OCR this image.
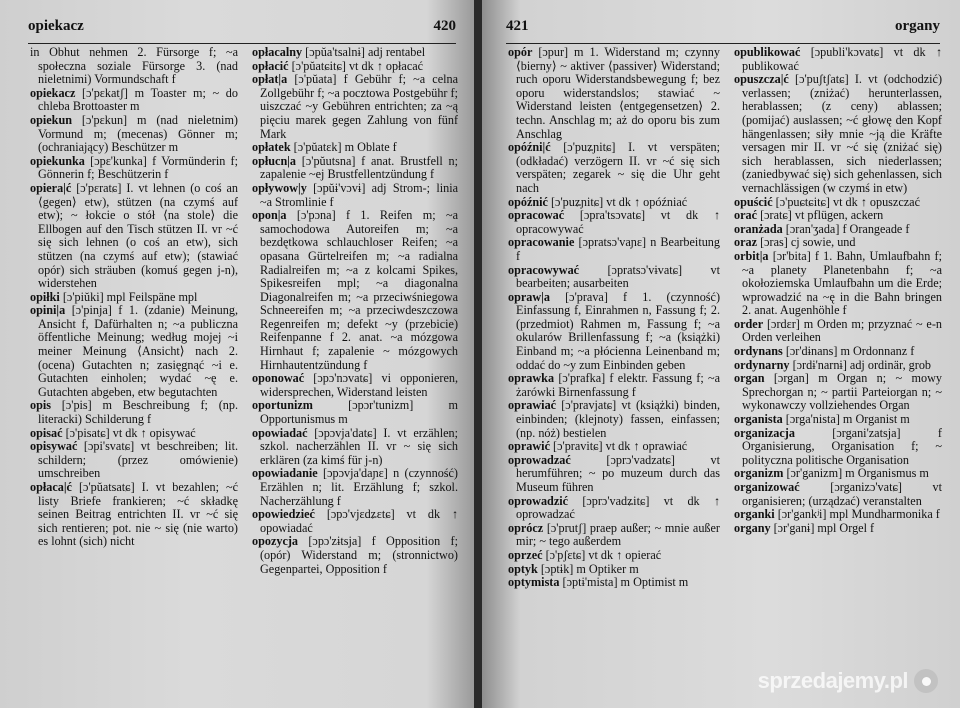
opiekacz	420
in Obhut nehmen 2. Fürsorge f; ~a społeczna soziale Fürsorge 3. (nad nieletnimi) Vormundschaft f
opiekacz [ɔ'pɛkatʃ] m Toaster m; ~ do chleba Brottoaster m
opiekun [ɔ'pɛkun] m (nad nieletnim) Vormund m; (mecenas) Gönner m; (ochraniający) Beschützer m
opiekunka [ɔpɛ'kunka] f Vormünderin f; Gönnerin f; Beschützerin f
opiera|ć [ɔ'pɛratɕ] I. vt lehnen (o coś an ⟨gegen⟩ etw), stützen (na czymś auf etw); ~ łokcie o stół ⟨na stole⟩ die Ellbogen auf den Tisch stützen II. vr ~ć się sich lehnen (o coś an etw), sich stützen (na czymś auf etw); (stawiać opór) sich sträuben (komuś gegen j-n), widerstehen
opiłki [ɔ'piŭki] mpl Feilspäne mpl
opini|a [ɔ'pinja] f 1. (zdanie) Meinung, Ansicht f, Dafürhalten n; ~a publiczna öffentliche Meinung; według mojej ~i meiner Meinung ⟨Ansicht⟩ nach 2. (ocena) Gutachten n; zasięgnąć ~i e. Gutachten einholen; wydać ~ę e. Gutachten abgeben, etw begutachten
opis [ɔ'pis] m Beschreibung f; (np. literacki) Schilderung f
opisać [ɔ'pisatɕ] vt dk ↑ opisywać
opisywać [ɔpi'svatɕ] vt beschreiben; lit. schildern; (przez omówienie) umschreiben
opłaca|ć [ɔ'pŭatsatɕ] I. vt bezahlen; ~ć listy Briefe frankieren; ~ć składkę seinen Beitrag entrichten II. vr ~ć się sich rentieren; pot. nie ~ się (nie warto) es lohnt (sich) nicht
opłacalny [ɔpŭa'tsalnɨ] adj rentabel
opłacić [ɔ'pŭatɕitɕ] vt dk ↑ opłacać
opłat|a [ɔ'pŭata] f Gebühr f; ~a celna Zollgebühr f; ~a pocztowa Postgebühr f; uiszczać ~y Gebühren entrichten; za ~ą pięciu marek gegen Zahlung von fünf Mark
opłatek [ɔ'pŭatɛk] m Oblate f
opłucn|a [ɔ'pŭutsna] f anat. Brustfell n; zapalenie ~ej Brustfellentzündung f
opływow|y [ɔpŭɨ'vɔvɨ] adj Strom-; linia ~a Stromlinie f
opon|a [ɔ'pɔna] f 1. Reifen m; ~a samochodowa Autoreifen m; ~a bezdętkowa schlauchloser Reifen; ~a opasana Gürtelreifen m; ~a radialna Radialreifen m; ~a z kolcami Spikes, Spikesreifen mpl; ~a diagonalna Diagonalreifen m; ~a przeciwśniegowa Schneereifen m; ~a przeciwdeszczowa Regenreifen m; defekt ~y (przebicie) Reifenpanne f 2. anat. ~a mózgowa Hirnhaut f; zapalenie ~ mózgowych Hirnhautentzündung f
oponować [ɔpɔ'nɔvatɕ] vi opponieren, widersprechen, Widerstand leisten
oportunizm [ɔpɔr'tunizm] m Opportunismus m
opowiadać [ɔpɔvja'datɕ] I. vt erzählen; szkol. nacherzählen II. vr ~ się sich erklären (za kimś für j-n)
opowiadanie [ɔpɔvja'daɲɛ] n (czynność) Erzählen n; lit. Erzählung f; szkol. Nacherzählung f
opowiedzieć [ɔpɔ'vjɛdʑɛtɕ] vt dk ↑ opowiadać
opozycja [ɔpɔ'zɨtsja] f Opposition f; (opór) Widerstand m; (stronnictwo) Gegenpartei, Opposition f
421	organy
opór [ɔpur] m 1. Widerstand m; czynny ⟨bierny⟩ ~ aktiver ⟨passiver⟩ Widerstand; ruch oporu Widerstandsbewegung f; bez oporu widerstandslos; stawiać ~ Widerstand leisten ⟨entgegensetzen⟩ 2. techn. Anschlag m; aż do oporu bis zum Anschlag
opóźni|ć [ɔ'puʑɲitɕ] I. vt verspäten; (odkładać) verzögern II. vr ~ć się sich verspäten; zegarek ~ się die Uhr geht nach
opóźnić [ɔ'puʑɲitɕ] vt dk ↑ opóźniać
opracować [ɔpra'tsɔvatɕ] vt dk ↑ opracowywać
opracowanie [ɔpratsɔ'vaɲɛ] n Bearbeitung f
opracowywać [ɔpratsɔ'vɨvatɕ] vt bearbeiten; ausarbeiten
opraw|a [ɔ'prava] f 1. (czynność) Einfassung f, Einrahmen n, Fassung f; 2. (przedmiot) Rahmen m, Fassung f; ~a okularów Brillenfassung f; ~a (książki) Einband m; ~a płócienna Leinenband m; oddać do ~y zum Einbinden geben
oprawka [ɔ'prafka] f elektr. Fassung f; ~a żarówki Birnenfassung f
oprawiać [ɔ'pravjatɕ] vt (książki) binden, einbinden; (klejnoty) fassen, einfassen; (np. nóż) bestielen
oprawić [ɔ'pravitɕ] vt dk ↑ oprawiać
oprowadzać [ɔprɔ'vadzatɕ] vt herumführen; ~ po muzeum durch das Museum führen
oprowadzić [ɔprɔ'vadʑitɕ] vt dk ↑ oprowadzać
oprócz [ɔ'prutʃ] praep außer; ~ mnie außer mir; ~ tego außerdem
oprzeć [ɔ'pʃɛtɕ] vt dk ↑ opierać
optyk [ɔptɨk] m Optiker m
optymista [ɔptɨ'mista] m Optimist m
opublikować [ɔpubli'kɔvatɕ] vt dk ↑ publikować
opuszcza|ć [ɔ'puʃtʃatɕ] I. vt (odchodzić) verlassen; (zniżać) herunterlassen, herablassen; (z ceny) ablassen; (pomijać) auslassen; ~ć głowę den Kopf hängenlassen; siły mnie ~ją die Kräfte versagen mir II. vr ~ć się (zniżać się) sich herablassen, sich niederlassen; (zaniedbywać się) sich gehenlassen, sich vernachlässigen (w czymś in etw)
opuścić [ɔ'puɕtɕitɕ] vt dk ↑ opuszczać
orać [ɔratɕ] vt pflügen, ackern
oranżada [ɔran'ʒada] f Orangeade f
oraz [ɔras] cj sowie, und
orbit|a [ɔr'bita] f 1. Bahn, Umlaufbahn f; ~a planety Planetenbahn f; ~a okołoziemska Umlaufbahn um die Erde; wprowadzić na ~ę in die Bahn bringen 2. anat. Augenhöhle f
order [ɔrdɛr] m Orden m; przyznać ~ e-n Orden verleihen
ordynans [ɔr'dɨnans] m Ordonnanz f
ordynarny [ɔrdɨ'narnɨ] adj ordinär, grob
organ [ɔrgan] m Organ n; ~ mowy Sprechorgan n; ~ partii Parteiorgan n; ~ wykonawczy vollziehendes Organ
organista [ɔrga'nista] m Organist m
organizacja [ɔrgani'zatsja] f Organisierung, Organisation f; ~ polityczna politische Organisation
organizm [ɔr'ganizm] m Organismus m
organizować [ɔrganizɔ'vatɕ] vt organisieren; (urządzać) veranstalten
organki [ɔr'gankʲi] mpl Mundharmonika f
organy [ɔr'ganɨ] mpl Orgel f
sprzedajemy.pl
